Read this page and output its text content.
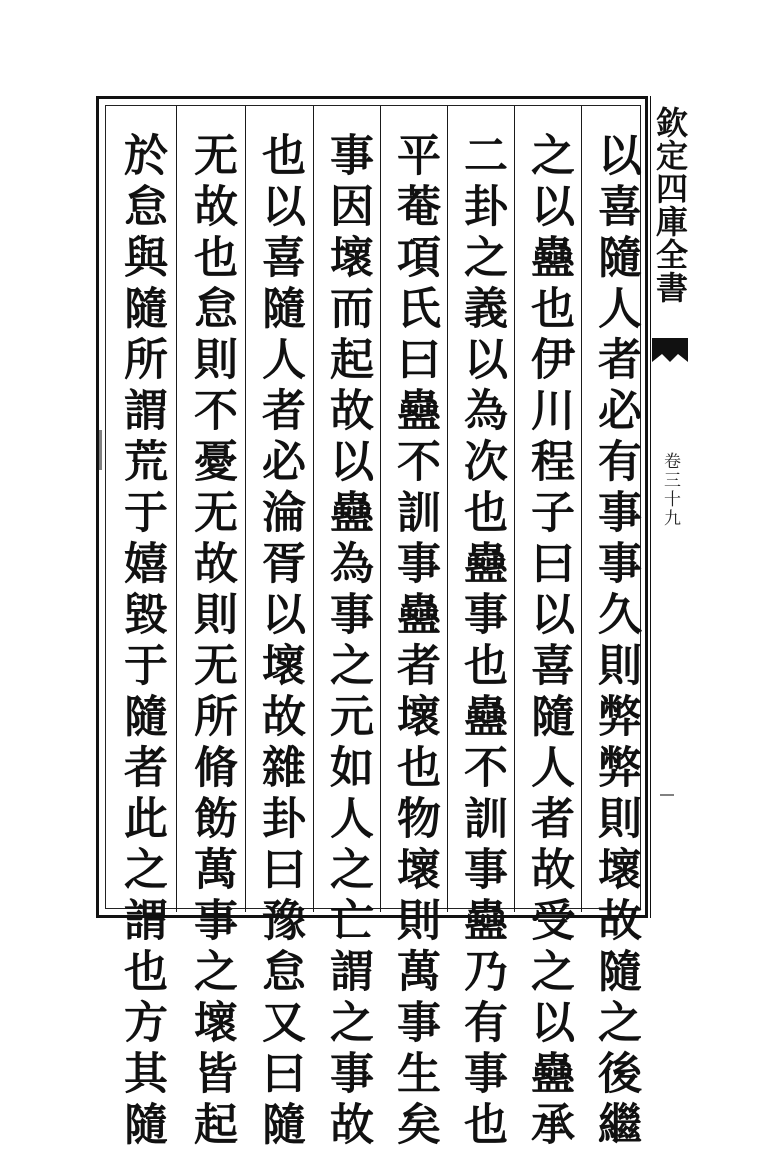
欽定四庫全書
卷三十九
以喜隨人者必有事事久則弊弊則壞故隨之後繼
之以蠱也伊川程子曰以喜隨人者故受之以蠱承
二卦之義以為次也蠱事也蠱不訓事蠱乃有事也
平菴項氏曰蠱不訓事蠱者壞也物壞則萬事生矣
事因壞而起故以蠱為事之元如人之亡謂之事故
也以喜隨人者必淪胥以壞故雜卦曰豫怠又曰隨
无故也怠則不憂无故則无所脩飭萬事之壞皆起
於怠與隨所謂荒于嬉毀于隨者此之謂也方其隨
